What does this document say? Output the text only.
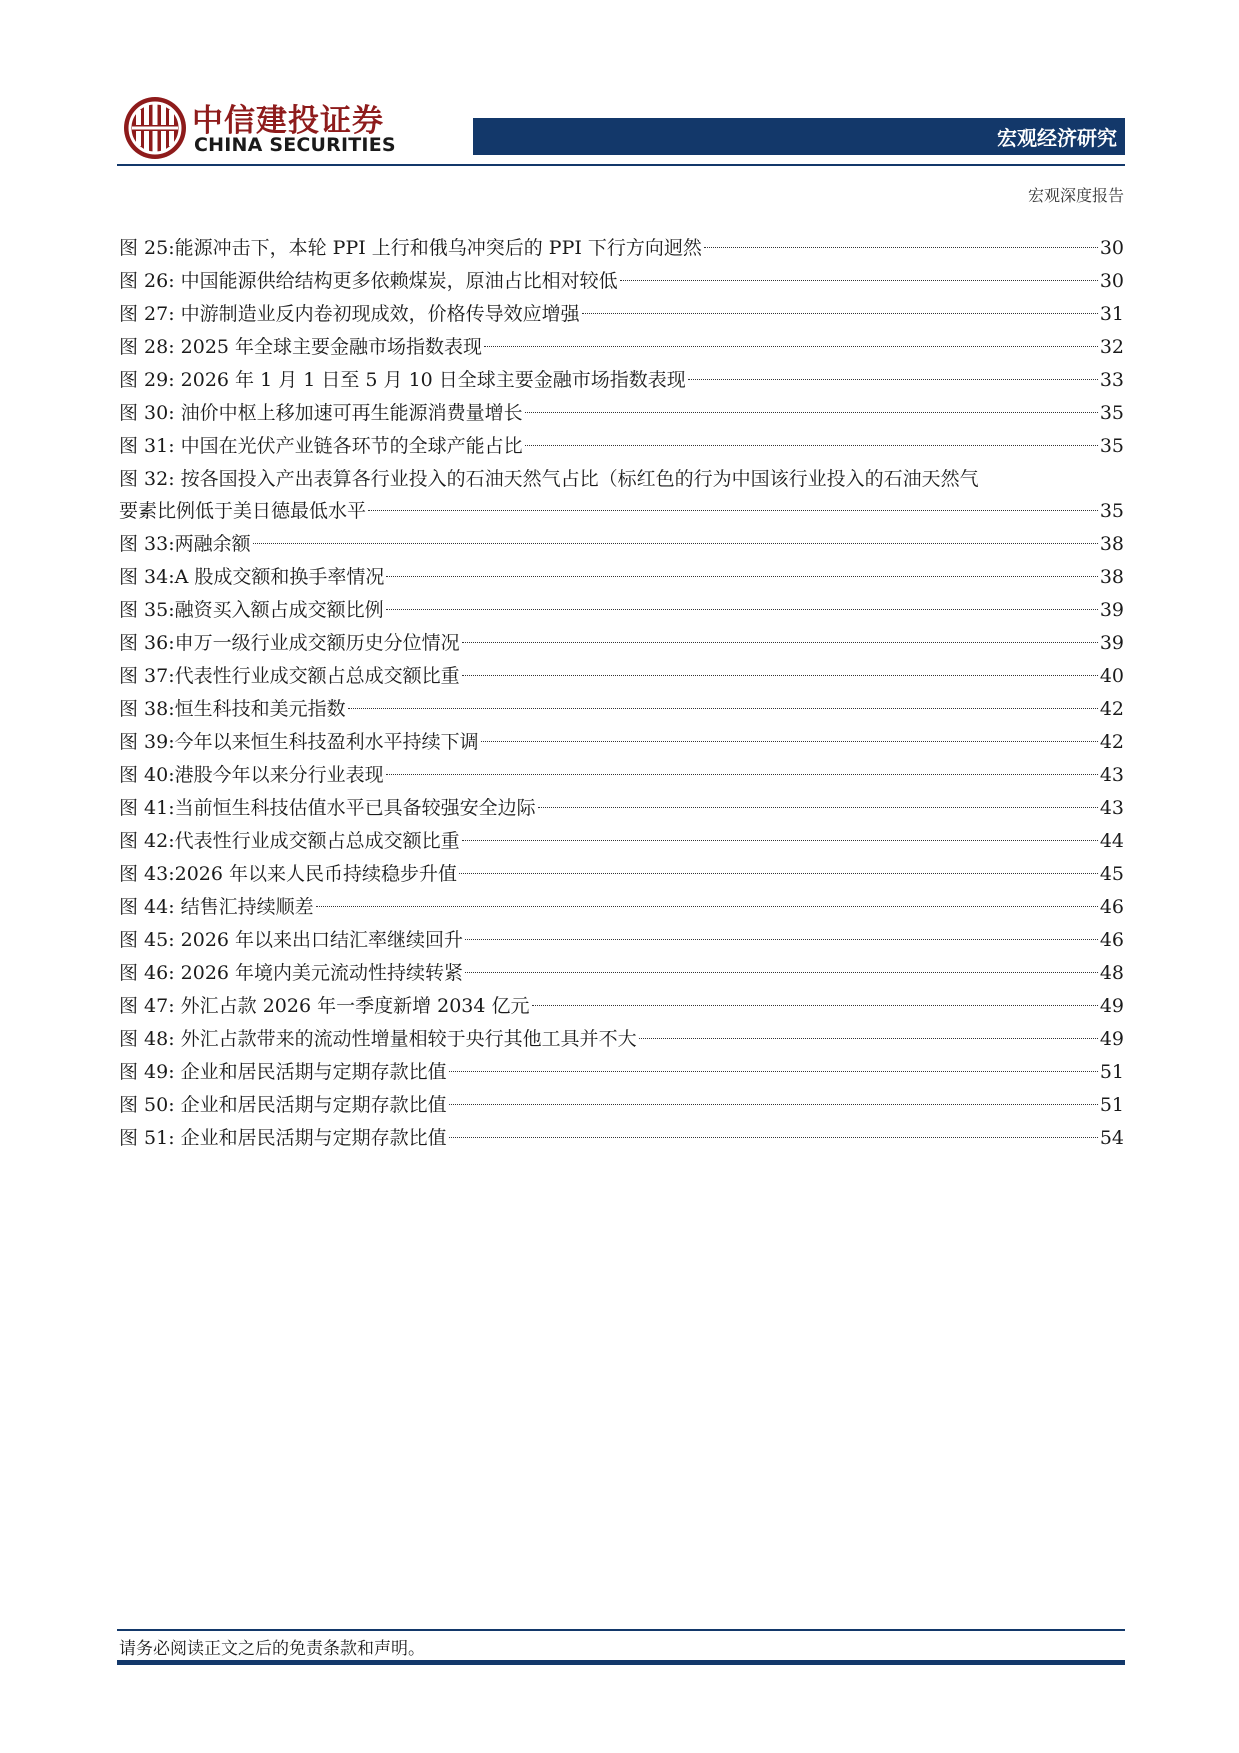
中信建投证券
CHINA SECURITIES	宏观经济研究
宏观深度报告
图 25:能源冲击下，本轮 PPI 上行和俄乌冲突后的 PPI 下行方向迥然	30
图 26: 中国能源供给结构更多依赖煤炭，原油占比相对较低	30
图 27: 中游制造业反内卷初现成效，价格传导效应增强	31
图 28: 2025 年全球主要金融市场指数表现	32
图 29: 2026 年 1 月 1 日至 5 月 10 日全球主要金融市场指数表现	33
图 30: 油价中枢上移加速可再生能源消费量增长	35
图 31: 中国在光伏产业链各环节的全球产能占比	35
图 32: 按各国投入产出表算各行业投入的石油天然气占比（标红色的行为中国该行业投入的石油天然气
要素比例低于美日德最低水平	35
图 33:两融余额	38
图 34:A 股成交额和换手率情况	38
图 35:融资买入额占成交额比例	39
图 36:申万一级行业成交额历史分位情况	39
图 37:代表性行业成交额占总成交额比重	40
图 38:恒生科技和美元指数	42
图 39:今年以来恒生科技盈利水平持续下调	42
图 40:港股今年以来分行业表现	43
图 41:当前恒生科技估值水平已具备较强安全边际	43
图 42:代表性行业成交额占总成交额比重	44
图 43:2026 年以来人民币持续稳步升值	45
图 44: 结售汇持续顺差	46
图 45: 2026 年以来出口结汇率继续回升	46
图 46: 2026 年境内美元流动性持续转紧	48
图 47: 外汇占款 2026 年一季度新增 2034 亿元	49
图 48: 外汇占款带来的流动性增量相较于央行其他工具并不大	49
图 49: 企业和居民活期与定期存款比值	51
图 50: 企业和居民活期与定期存款比值	51
图 51: 企业和居民活期与定期存款比值	54
请务必阅读正文之后的免责条款和声明。
